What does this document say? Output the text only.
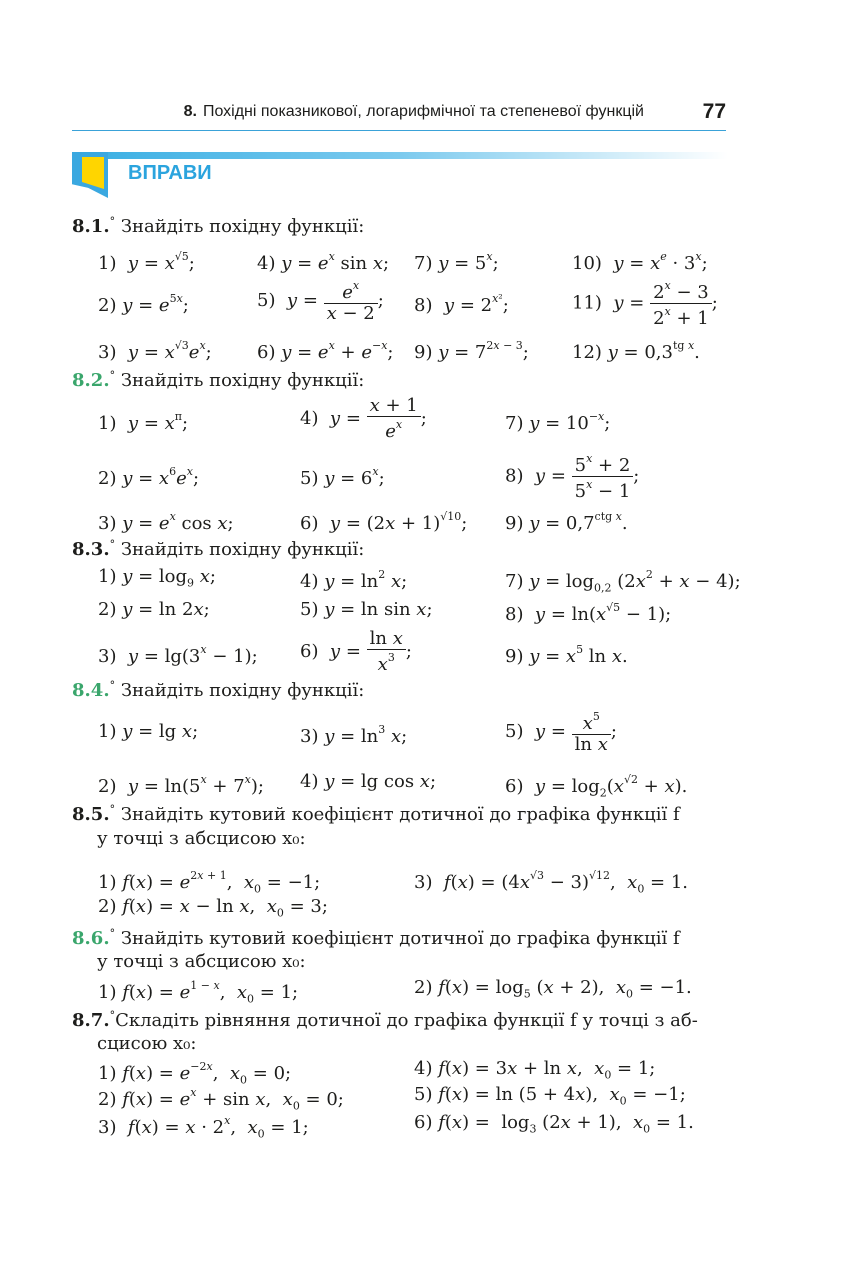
8. Похідні показникової, логарифмічної та степеневої функцій	77
ВПРАВИ
8.1.° Знайдіть похідну функції:
1)  $y = x^{√5}$;	4) $y = e^x$ sin x; 7) $y = 5^x$;	10)  $y = x^e \cdot 3^x$;
2) $y = e^{5x}$;	5)  $y = \frac{e^x}{x - 2}$ ; 8)  $y = 2^{x^2}$;	11)  $y = \frac{2^x - 3}{2^x + 1}$ ;
3)  $y = x^{√3}e^x$;	6) $y = e^x + e^{-x}$; 9) $y = 7^{2x - 3}$; 12) $y = 0,3^{tg x}$.
8.2.° Знайдіть похідну функції:
1)  $y = x^\pi$;	4)  $y = \frac{x + 1}{e^x}$ ;	7) $y = 10^{-x}$;
2) $y = x^6e^x$;	5) $y = 6^x$;	8)  $y = \frac{5^x + 2}{5^x - 1}$ ;
3) $y = e^x$ cos x;	6)  $y = (2x + 1)^{√10}$; 9) $y = 0,7^{ctg x}$.
8.3.° Знайдіть похідну функції:
1) $y = \log_9 x$;	4) $y = \ln^2 x$;	7) $y = \log_{0,2} (2x^2 + x - 4)$;
2) y = ln 2x;	5) y = ln sin x;	8)  $y = \ln(x^{√5} - 1)$;
3)  $y = \lg(3^x - 1)$; 6)  $y = \frac{\text{ln x}}{x^3}$ ;	9) $y = x^5$ ln x.
8.4.° Знайдіть похідну функції:
1) y = lg x;	3) $y = \ln^3 x$;	5)  $y = \frac{x^5}{\text{ln x}}$ ;
2)  $y = \ln(5^x + 7^x)$; 4) y = lg cos x;	6)  $y = \log_2(x^{√2} + x)$.
8.5.° Знайдіть кутовий коефіцієнт дотичної до графіка функції f
у точці з абсцисою x₀:
1) $f(x) = e^{2x + 1}$,  $x_0 = -1$;	3)  $f(x) = (4x^{√3} - 3)^{√12}$,  $x_0 = 1$.
2) f(x) = x − ln x,  $x_0 = 3$;
8.6.° Знайдіть кутовий коефіцієнт дотичної до графіка функції f
у точці з абсцисою x₀:
1) $f(x) = e^{1 - x}$,  $x_0 = 1$;	2) $f(x) = \log_5 (x + 2)$,  $x_0 = -1$.
8.7.°Складіть рівняння дотичної до графіка функції f у точці з аб-
сцисою x₀:
1) $f(x) = e^{-2x}$,  $x_0 = 0$;	4) f(x) = 3x + ln x,  $x_0 = 1$;
2) $f(x) = e^x + \sin x$,  $x_0 = 0$;	5) f(x) = ln (5 + 4x),  $x_0 = -1$;
3)  $f(x) = x \cdot 2^x$,  $x_0 = 1$;	6) $f(x) = \log_3 (2x + 1)$,  $x_0 = 1$.
